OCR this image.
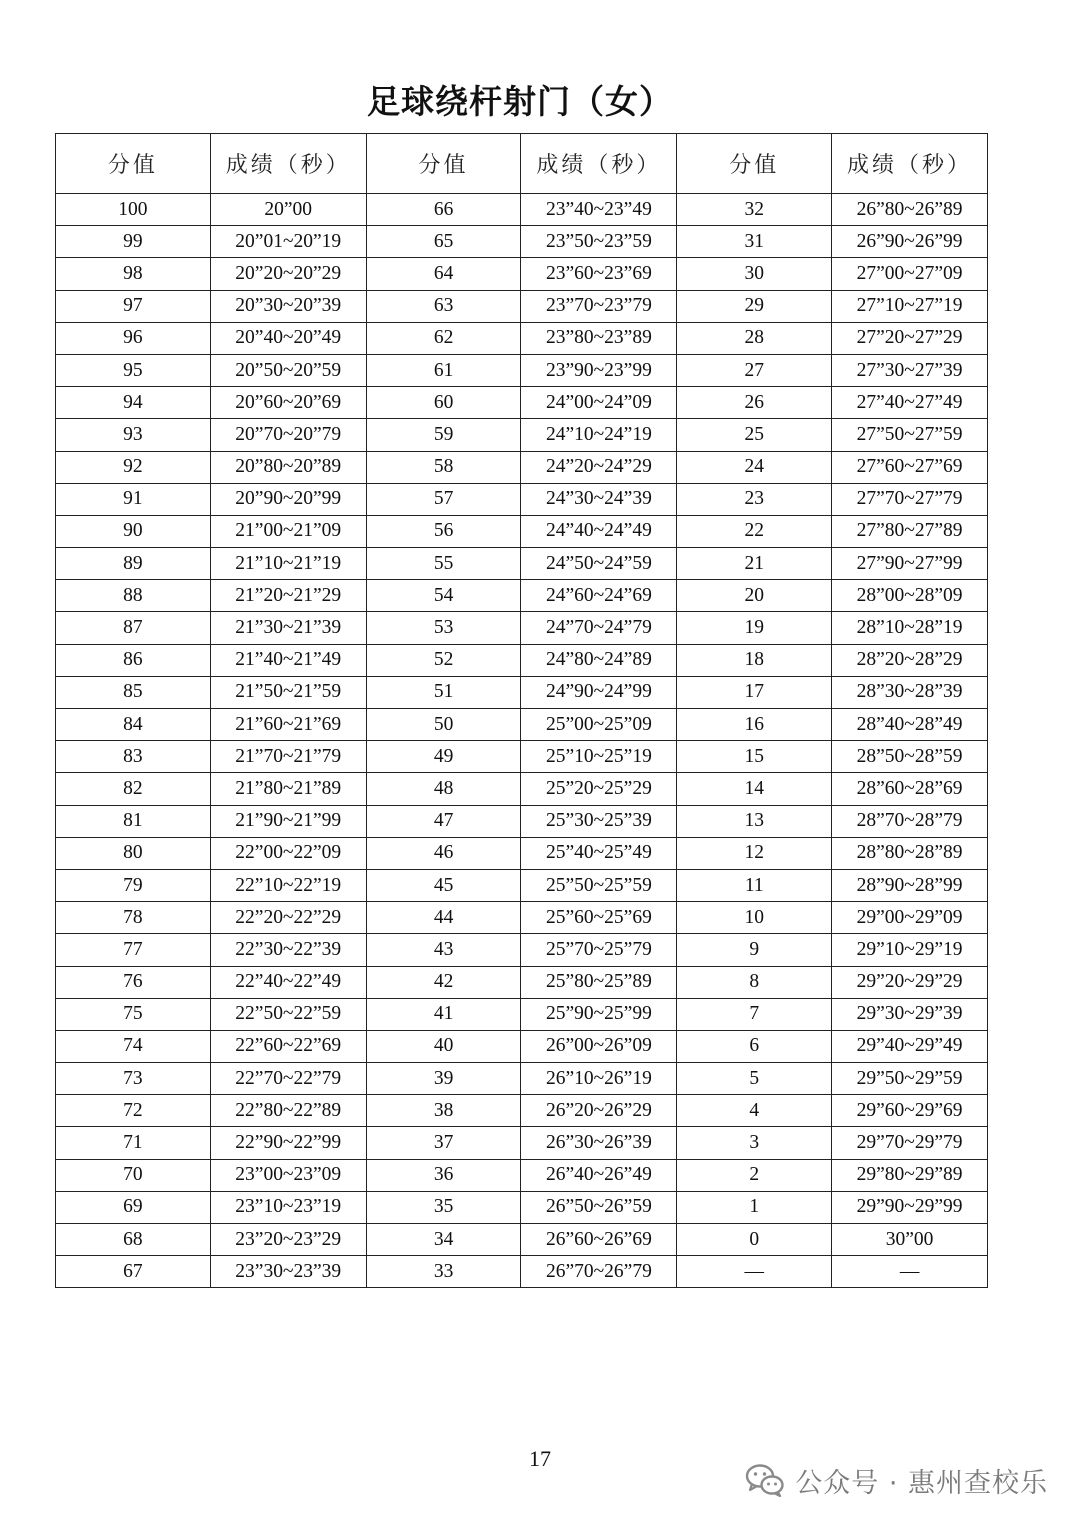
足球绕杆射门（女）
分值	成绩（秒）	分值	成绩（秒）	分值	成绩（秒）
100	20”00	66	23”40~23”49	32	26”80~26”89
99	20”01~20”19	65	23”50~23”59	31	26”90~26”99
98	20”20~20”29	64	23”60~23”69	30	27”00~27”09
97	20”30~20”39	63	23”70~23”79	29	27”10~27”19
96	20”40~20”49	62	23”80~23”89	28	27”20~27”29
95	20”50~20”59	61	23”90~23”99	27	27”30~27”39
94	20”60~20”69	60	24”00~24”09	26	27”40~27”49
93	20”70~20”79	59	24”10~24”19	25	27”50~27”59
92	20”80~20”89	58	24”20~24”29	24	27”60~27”69
91	20”90~20”99	57	24”30~24”39	23	27”70~27”79
90	21”00~21”09	56	24”40~24”49	22	27”80~27”89
89	21”10~21”19	55	24”50~24”59	21	27”90~27”99
88	21”20~21”29	54	24”60~24”69	20	28”00~28”09
87	21”30~21”39	53	24”70~24”79	19	28”10~28”19
86	21”40~21”49	52	24”80~24”89	18	28”20~28”29
85	21”50~21”59	51	24”90~24”99	17	28”30~28”39
84	21”60~21”69	50	25”00~25”09	16	28”40~28”49
83	21”70~21”79	49	25”10~25”19	15	28”50~28”59
82	21”80~21”89	48	25”20~25”29	14	28”60~28”69
81	21”90~21”99	47	25”30~25”39	13	28”70~28”79
80	22”00~22”09	46	25”40~25”49	12	28”80~28”89
79	22”10~22”19	45	25”50~25”59	11	28”90~28”99
78	22”20~22”29	44	25”60~25”69	10	29”00~29”09
77	22”30~22”39	43	25”70~25”79	9	29”10~29”19
76	22”40~22”49	42	25”80~25”89	8	29”20~29”29
75	22”50~22”59	41	25”90~25”99	7	29”30~29”39
74	22”60~22”69	40	26”00~26”09	6	29”40~29”49
73	22”70~22”79	39	26”10~26”19	5	29”50~29”59
72	22”80~22”89	38	26”20~26”29	4	29”60~29”69
71	22”90~22”99	37	26”30~26”39	3	29”70~29”79
70	23”00~23”09	36	26”40~26”49	2	29”80~29”89
69	23”10~23”19	35	26”50~26”59	1	29”90~29”99
68	23”20~23”29	34	26”60~26”69	0	30”00
67	23”30~23”39	33	26”70~26”79	—	—
17
公众号 · 惠州查校乐
